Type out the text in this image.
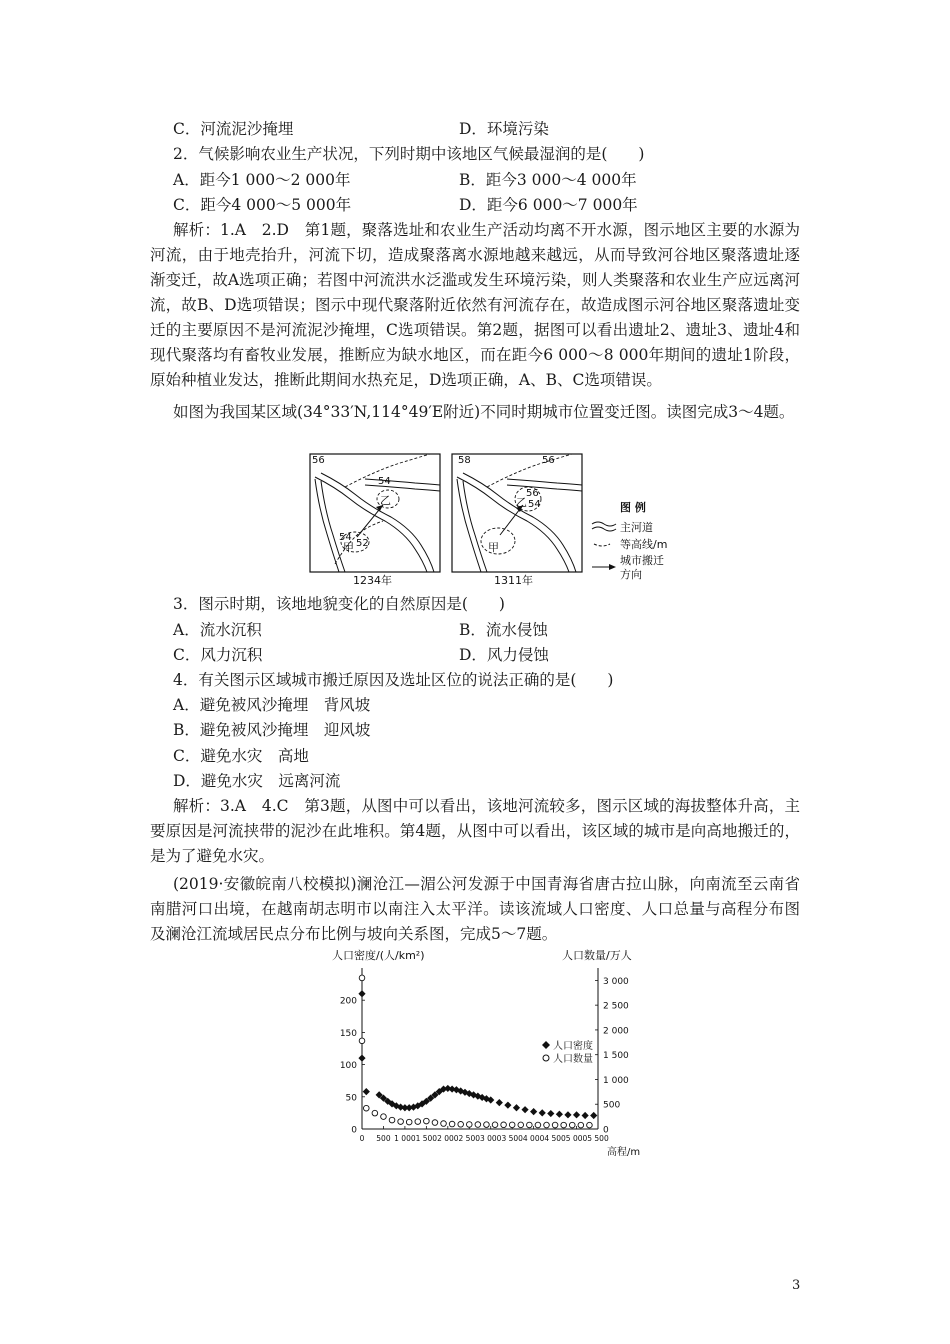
C．河流泥沙掩埋	D．环境污染
2．气候影响农业生产状况，下列时期中该地区气候最湿润的是(　　)
A．距今1 000～2 000年	B．距今3 000～4 000年
C．距今4 000～5 000年	D．距今6 000～7 000年
解析：1.A　2.D　第1题，聚落选址和农业生产活动均离不开水源，图示地区主要的水源为河流，由于地壳抬升，河流下切，造成聚落离水源地越来越远，从而导致河谷地区聚落遗址逐渐变迁，故A选项正确；若图中河流洪水泛滥或发生环境污染，则人类聚落和农业生产应远离河流，故B、D选项错误；图示中现代聚落附近依然有河流存在，故造成图示河谷地区聚落遗址变迁的主要原因不是河流泥沙掩埋，C选项错误。第2题，据图可以看出遗址2、遗址3、遗址4和现代聚落均有畜牧业发展，推断应为缺水地区，而在距今6 000～8 000年期间的遗址1阶段，原始种植业发达，推断此期间水热充足，D选项正确，A、B、C选项错误。
如图为我国某区域(34°33′N,114°49′E附近)不同时期城市位置变迁图。读图完成3～4题。
56
54
54
52
乙
甲
1234年
58	56
56
54
乙
甲
1311年
图 例
主河道
等高线/m
城市搬迁
方向
3．图示时期，该地地貌变化的自然原因是(　　)
A．流水沉积	B．流水侵蚀
C．风力沉积	D．风力侵蚀
4．有关图示区域城市搬迁原因及选址区位的说法正确的是(　　)
A．避免被风沙掩埋　背风坡
B．避免被风沙掩埋　迎风坡
C．避免水灾　高地
D．避免水灾　远离河流
解析：3.A　4.C　第3题，从图中可以看出，该地河流较多，图示区域的海拔整体升高，主要原因是河流挟带的泥沙在此堆积。第4题，从图中可以看出，该区域的城市是向高地搬迁的，是为了避免水灾。
(2019·安徽皖南八校模拟)澜沧江—湄公河发源于中国青海省唐古拉山脉，向南流至云南省南腊河口出境，在越南胡志明市以南注入太平洋。读该流域人口密度、人口总量与高程分布图及澜沧江流域居民点分布比例与坡向关系图，完成5～7题。
人口密度/(人/km²)	人口数量/万人
高程/m
0 500 1 000 1 500 2 000 2 500 3 000 3 500 4 000 4 500 5 000 5 500
0
50
100
150
200
0
500
1 000
1 500
2 000
2 500
3 000
人口密度
人口数量
3
